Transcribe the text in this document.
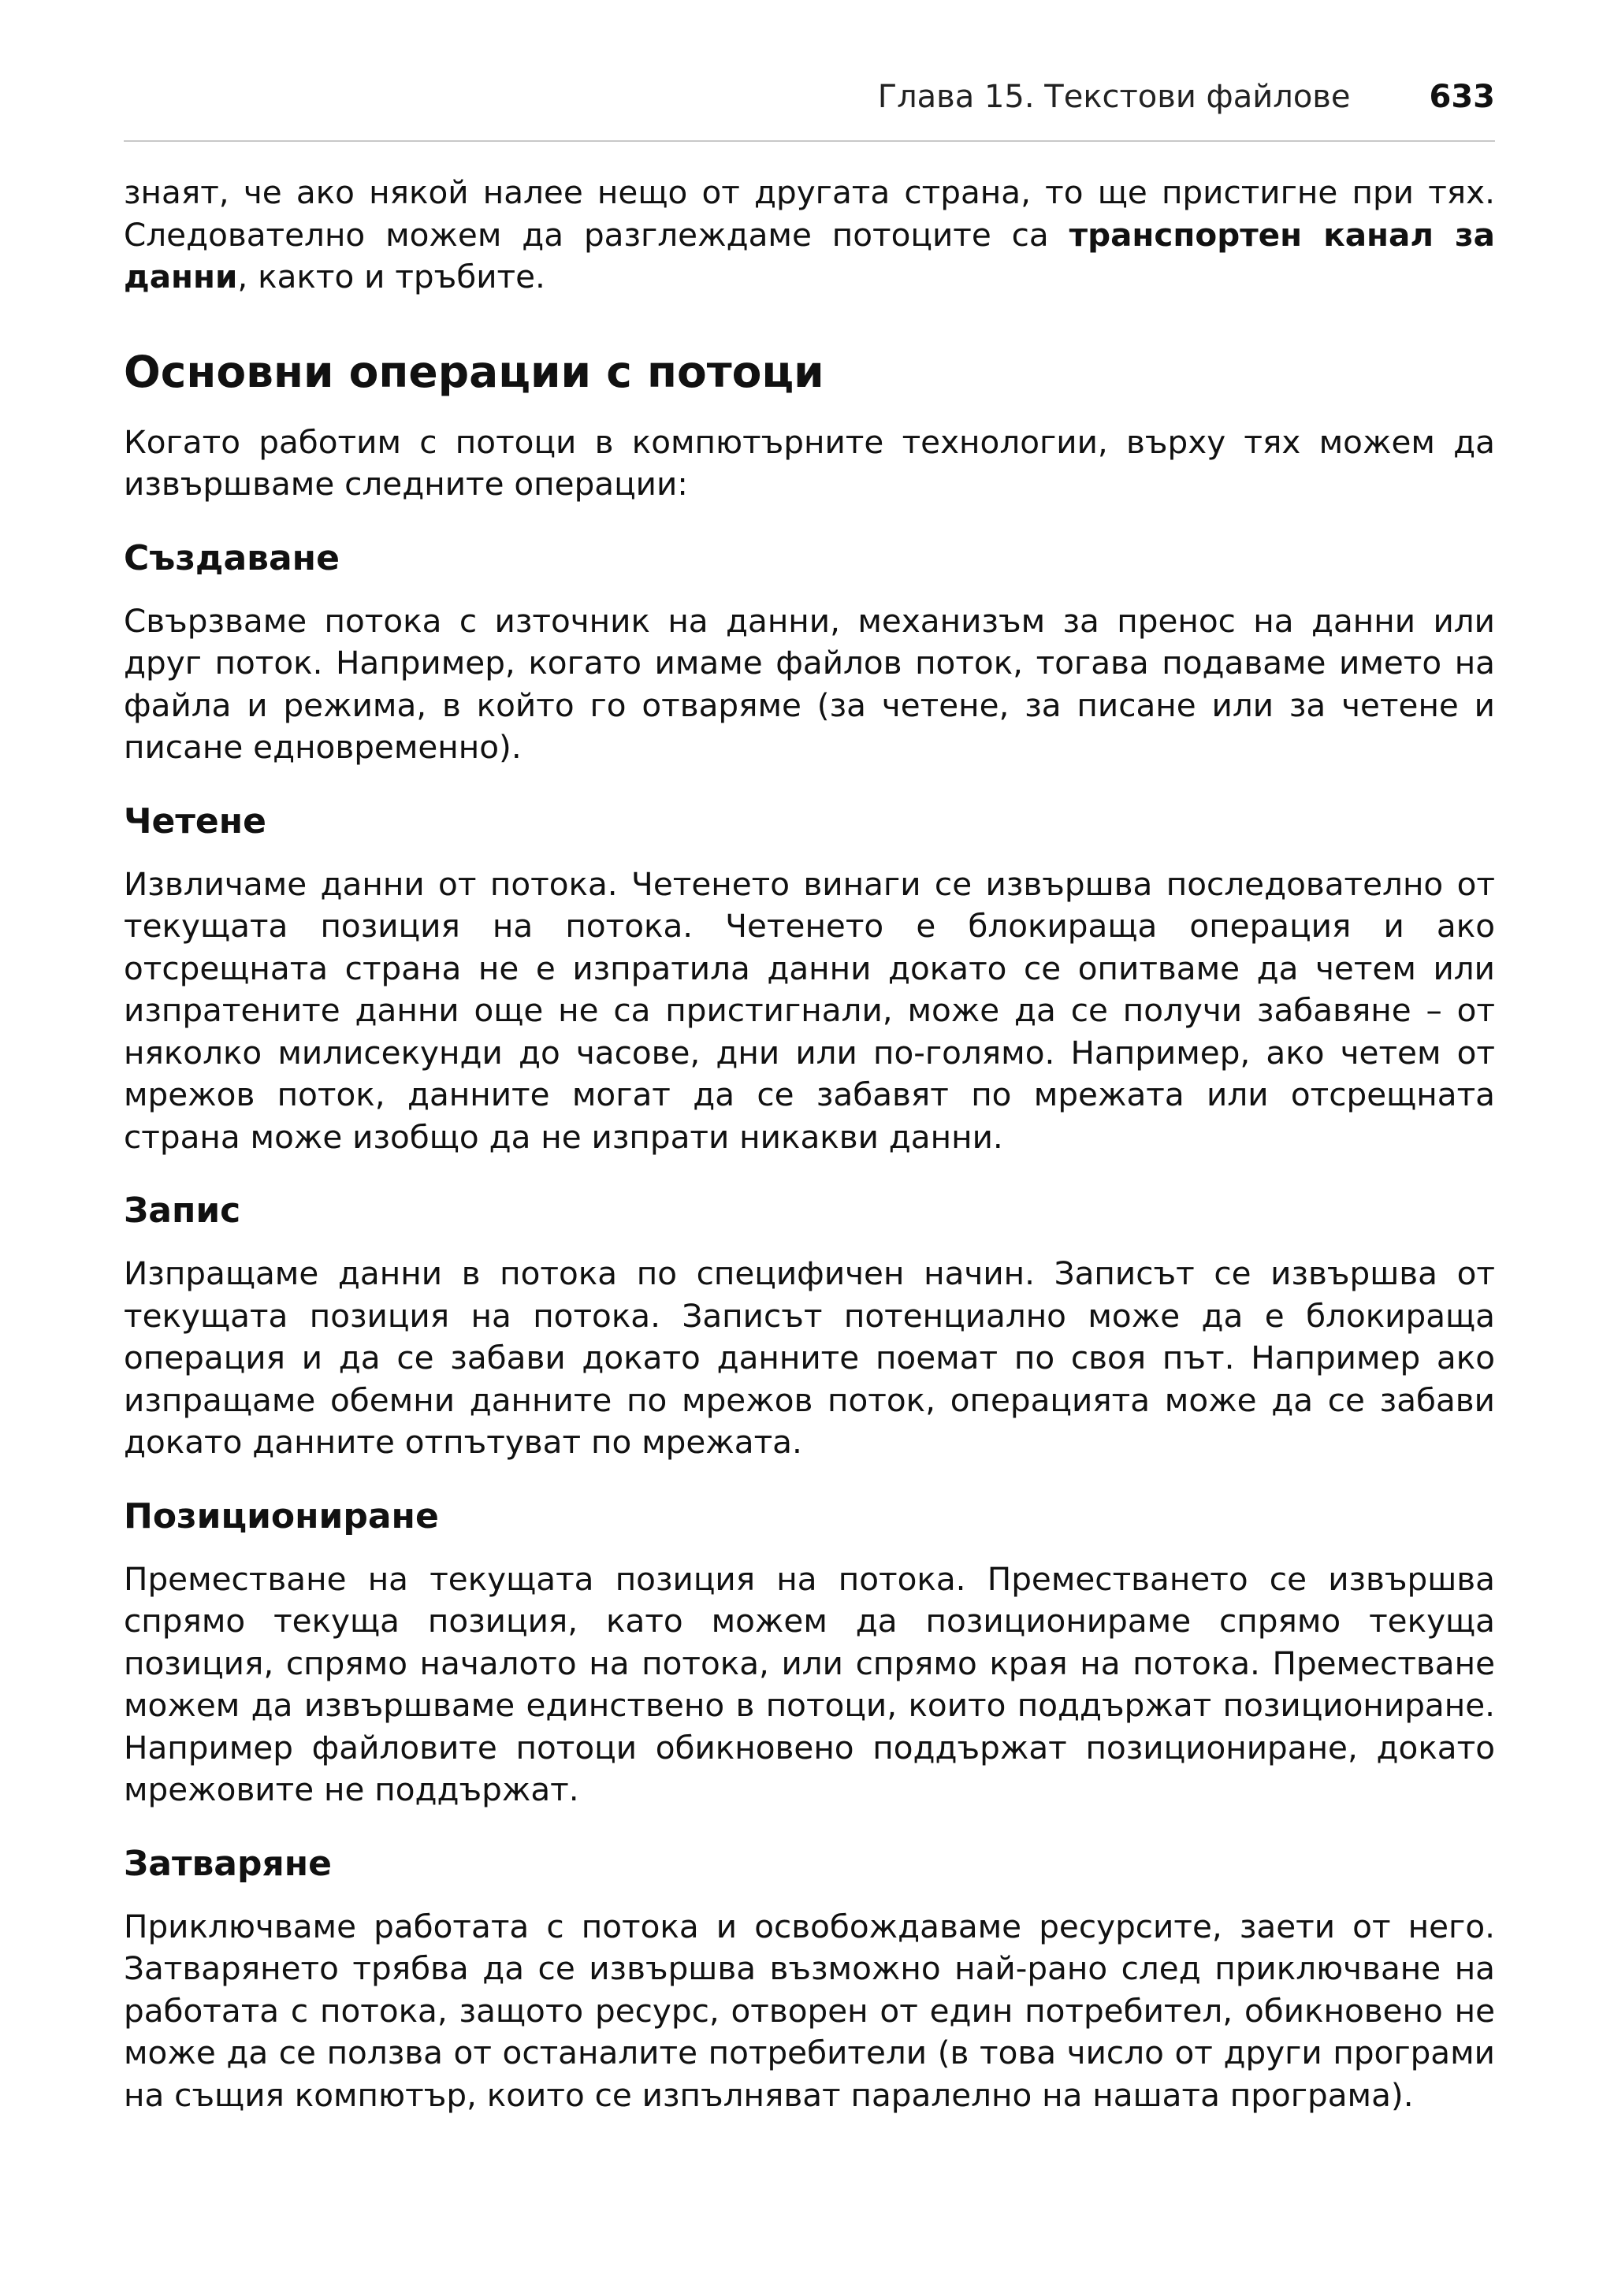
Глава 15. Текстови файлове	633

знаят, че ако някой налее нещо от другата страна, то ще пристигне при тях. Следователно можем да разглеждаме потоците са транспортен канал за данни, както и тръбите.

Основни операции с потоци

Когато работим с потоци в компютърните технологии, върху тях можем да извършваме следните операции:

Създаване

Свързваме потока с източник на данни, механизъм за пренос на данни или друг поток. Например, когато имаме файлов поток, тогава подаваме името на файла и режима, в който го отваряме (за четене, за писане или за четене и писане едновременно).

Четене

Извличаме данни от потока. Четенето винаги се извършва последователно от текущата позиция на потока. Четенето е блокираща операция и ако отсрещната страна не е изпратила данни докато се опитваме да четем или изпратените данни още не са пристигнали, може да се получи забавяне – от няколко милисекунди до часове, дни или по-голямо. Например, ако четем от мрежов поток, данните могат да се забавят по мрежата или отсрещната страна може изобщо да не изпрати никакви данни.

Запис

Изпращаме данни в потока по специфичен начин. Записът се извършва от текущата позиция на потока. Записът потенциално може да е блокираща операция и да се забави докато данните поемат по своя път. Например ако изпращаме обемни данните по мрежов поток, операцията може да се забави докато данните отпътуват по мрежата.

Позициониране

Преместване на текущата позиция на потока. Преместването се извършва спрямо текуща позиция, като можем да позиционираме спрямо текуща позиция, спрямо началото на потока, или спрямо края на потока. Преместване можем да извършваме единствено в потоци, които поддържат позициониране. Например файловите потоци обикновено поддържат позициониране, докато мрежовите не поддържат.

Затваряне

Приключваме работата с потока и освобождаваме ресурсите, заети от него. Затварянето трябва да се извършва възможно най-рано след приключване на работата с потока, защото ресурс, отворен от един потребител, обикновено не може да се ползва от останалите потребители (в това число от други програми на същия компютър, които се изпълняват паралелно на нашата програма).
